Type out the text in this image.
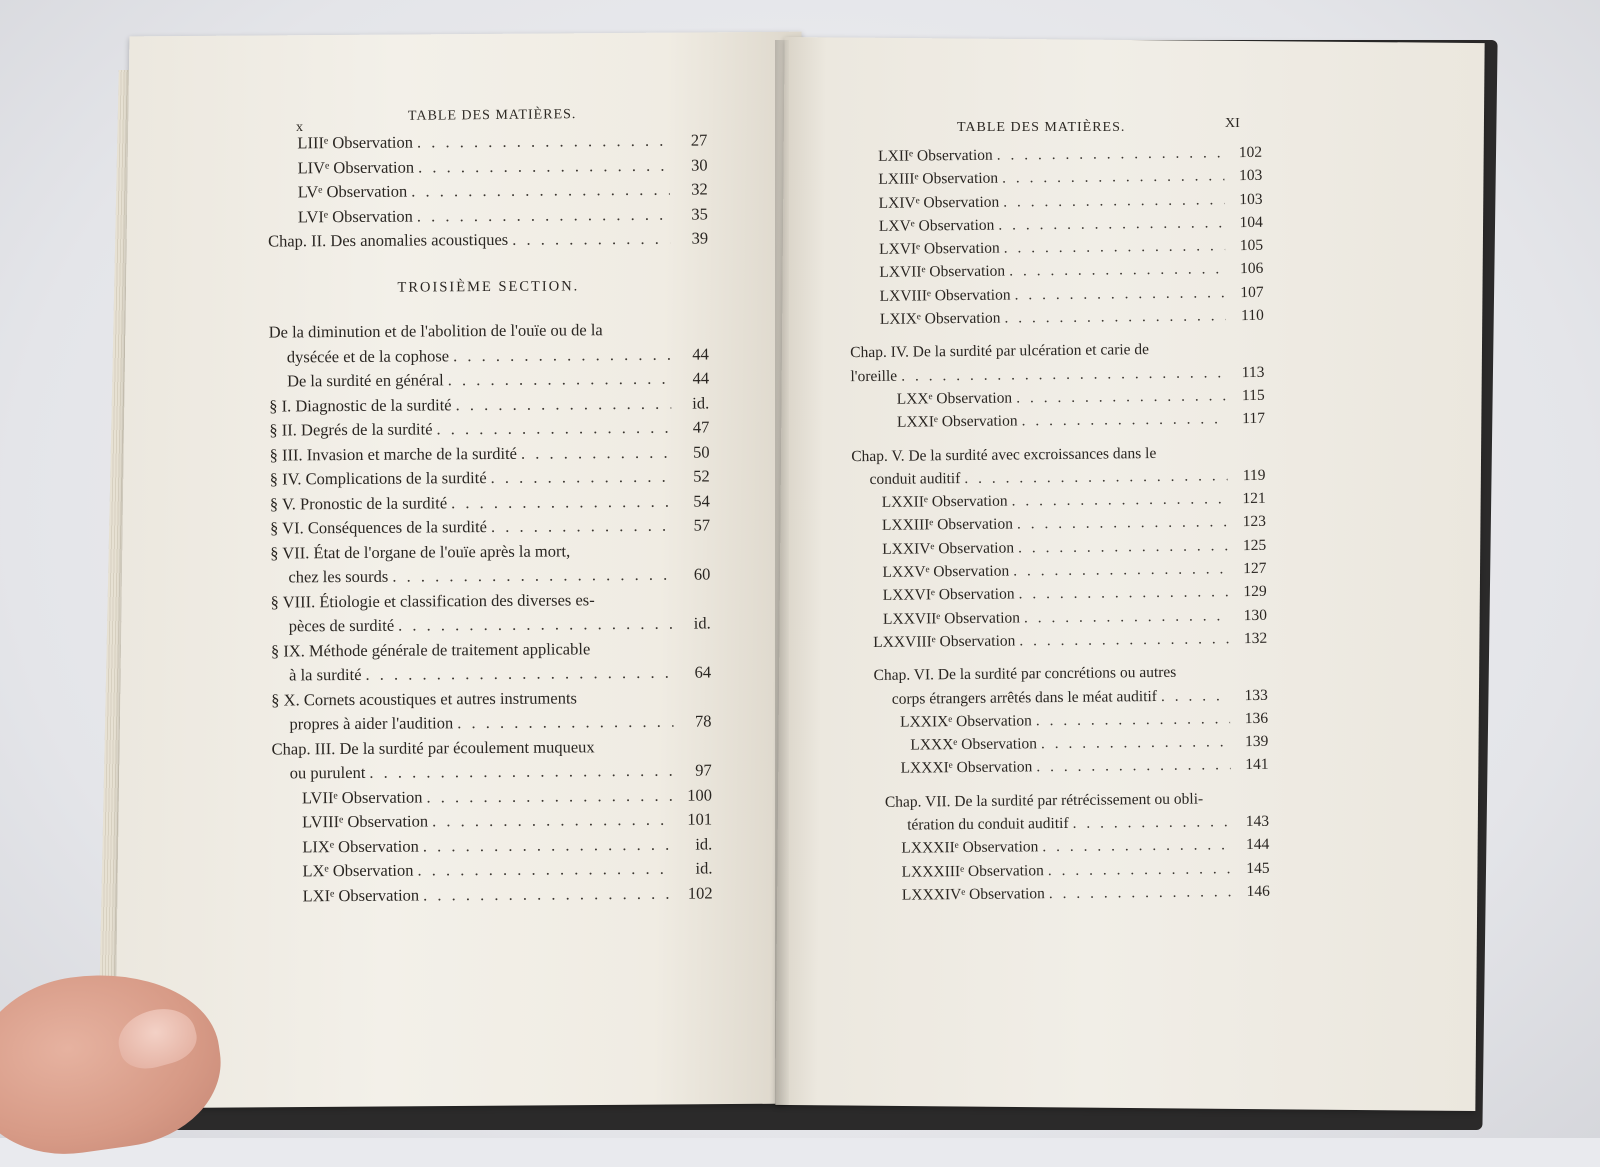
x
TABLE DES MATIÈRES.
TABLE DES MATIÈRES.	XI
LIIIᵉ Observation . . .	27
LIVᵉ Observation . . .	30
LVᵉ Observation . . .	32
LVIᵉ Observation . . .	35
Chap. II. Des anomalies acoustiques . . .	39
TROISIÈME SECTION.
De la diminution et de l'abolition de l'ouïe ou de la
dysécée et de la cophose . . .	44
De la surdité en général . . .	44
§ I. Diagnostic de la surdité . . .	id.
§ II. Degrés de la surdité . . .	47
§ III. Invasion et marche de la surdité . . .	50
§ IV. Complications de la surdité . . .	52
§ V. Pronostic de la surdité . . .	54
§ VI. Conséquences de la surdité . . .	57
§ VII. État de l'organe de l'ouïe après la mort,
chez les sourds . . .	60
§ VIII. Étiologie et classification des diverses es-
pèces de surdité . . .	id.
§ IX. Méthode générale de traitement applicable
à la surdité . . .	64
§ X. Cornets acoustiques et autres instruments
propres à aider l'audition . . .	78
Chap. III. De la surdité par écoulement muqueux
ou purulent . . .	97
LVIIᵉ Observation . . .	100
LVIIIᵉ Observation . . .	101
LIXᵉ Observation . . .	id.
LXᵉ Observation . . .	id.
LXIᵉ Observation . . .	102
LXIIᵉ Observation . . .	102
LXIIIᵉ Observation . . .	103
LXIVᵉ Observation . . .	103
LXVᵉ Observation . . .	104
LXVIᵉ Observation . . .	105
LXVIIᵉ Observation . . .	106
LXVIIIᵉ Observation . . .	107
LXIXᵉ Observation . . .	110
Chap. IV. De la surdité par ulcération et carie de
l'oreille . . .	113
LXXᵉ Observation . . .	115
LXXIᵉ Observation . . .	117
Chap. V. De la surdité avec excroissances dans le
conduit auditif . . .	119
LXXIIᵉ Observation . . .	121
LXXIIIᵉ Observation . . .	123
LXXIVᵉ Observation . . .	125
LXXVᵉ Observation . . .	127
LXXVIᵉ Observation . . .	129
LXXVIIᵉ Observation . . .	130
LXXVIIIᵉ Observation . . .	132
Chap. VI. De la surdité par concrétions ou autres
corps étrangers arrêtés dans le méat auditif . . .	133
LXXIXᵉ Observation . . .	136
LXXXᵉ Observation . . .	139
LXXXIᵉ Observation . . .	141
Chap. VII. De la surdité par rétrécissement ou obli-
tération du conduit auditif . . .	143
LXXXIIᵉ Observation . . .	144
LXXXIIIᵉ Observation . . .	145
LXXXIVᵉ Observation . . .	146
